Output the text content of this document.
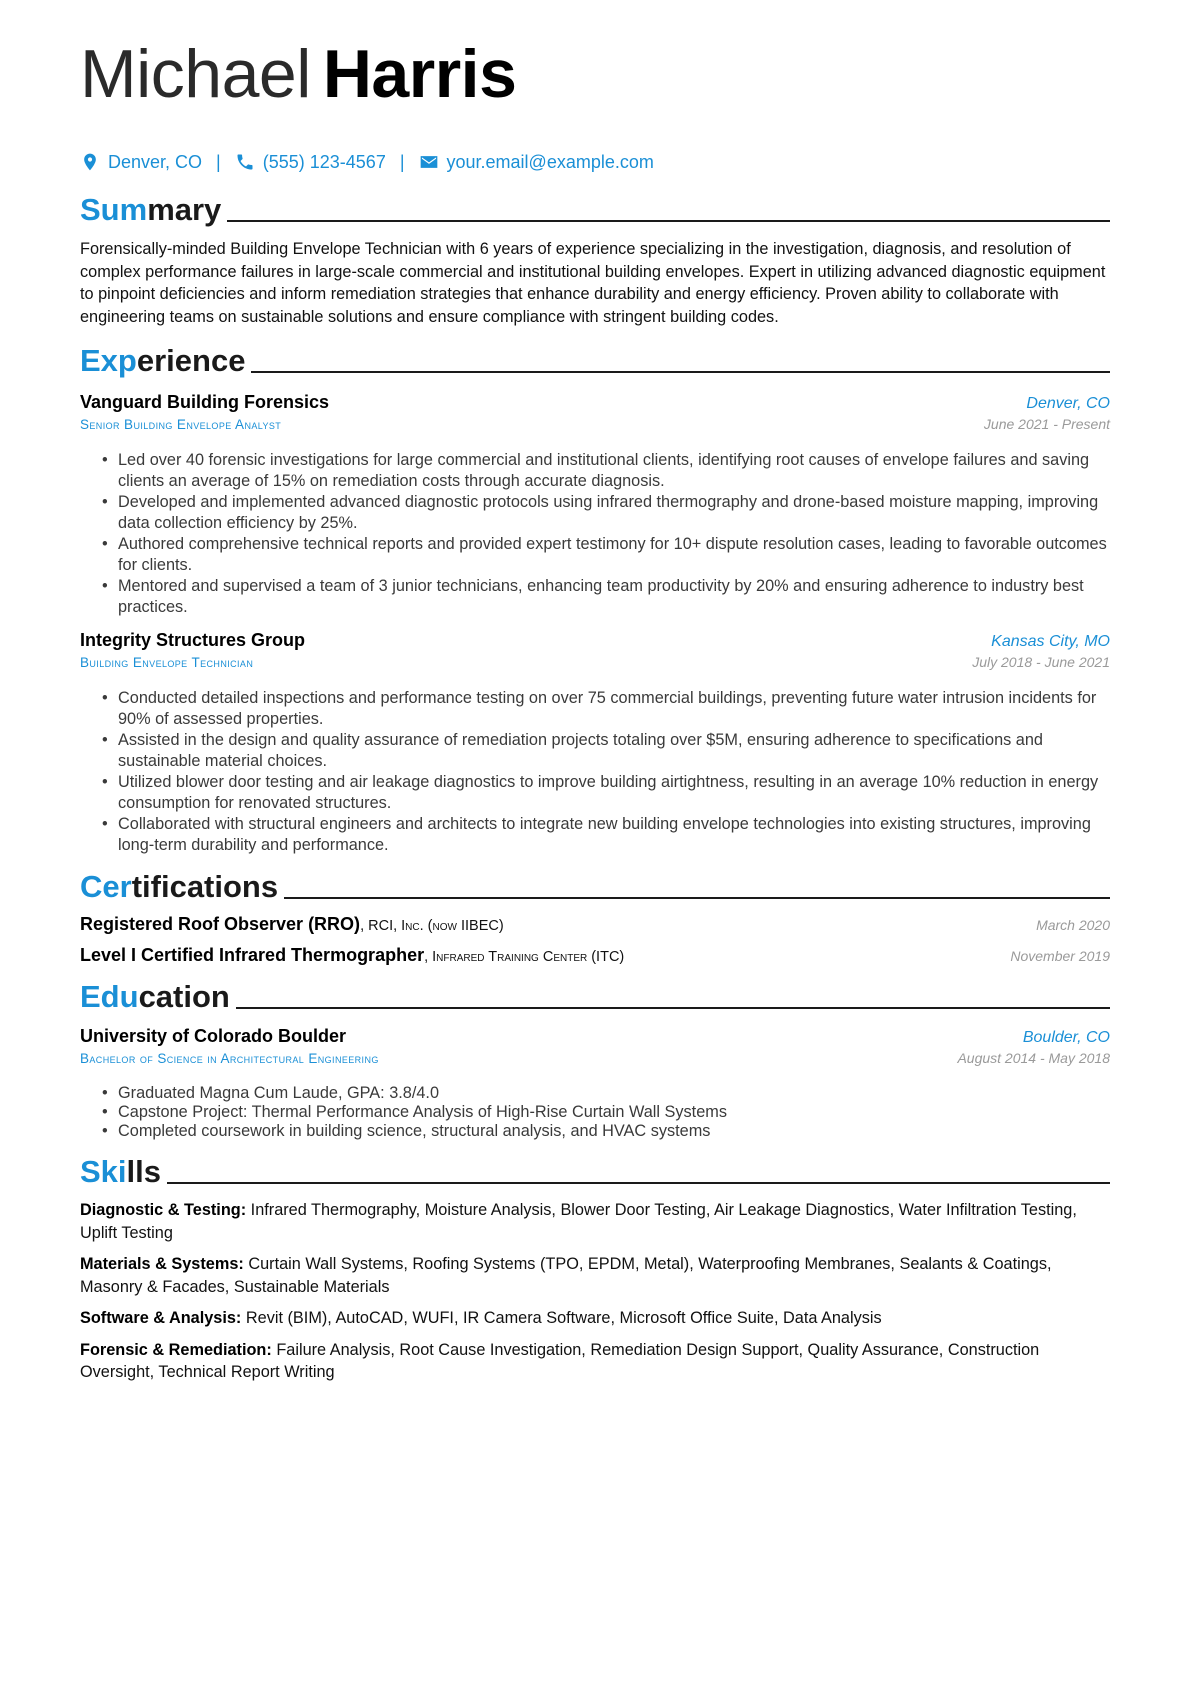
Michael Harris
Denver, CO | (555) 123-4567 | your.email@example.com
Summary
Forensically-minded Building Envelope Technician with 6 years of experience specializing in the investigation, diagnosis, and resolution of complex performance failures in large-scale commercial and institutional building envelopes. Expert in utilizing advanced diagnostic equipment to pinpoint deficiencies and inform remediation strategies that enhance durability and energy efficiency. Proven ability to collaborate with engineering teams on sustainable solutions and ensure compliance with stringent building codes.
Experience
Vanguard Building Forensics	Denver, CO
Senior Building Envelope Analyst	June 2021 - Present
• Led over 40 forensic investigations for large commercial and institutional clients, identifying root causes of envelope failures and saving clients an average of 15% on remediation costs through accurate diagnosis.
• Developed and implemented advanced diagnostic protocols using infrared thermography and drone-based moisture mapping, improving data collection efficiency by 25%.
• Authored comprehensive technical reports and provided expert testimony for 10+ dispute resolution cases, leading to favorable outcomes for clients.
• Mentored and supervised a team of 3 junior technicians, enhancing team productivity by 20% and ensuring adherence to industry best practices.
Integrity Structures Group	Kansas City, MO
Building Envelope Technician	July 2018 - June 2021
• Conducted detailed inspections and performance testing on over 75 commercial buildings, preventing future water intrusion incidents for 90% of assessed properties.
• Assisted in the design and quality assurance of remediation projects totaling over $5M, ensuring adherence to specifications and sustainable material choices.
• Utilized blower door testing and air leakage diagnostics to improve building airtightness, resulting in an average 10% reduction in energy consumption for renovated structures.
• Collaborated with structural engineers and architects to integrate new building envelope technologies into existing structures, improving long-term durability and performance.
Certifications
Registered Roof Observer (RRO), RCI, Inc. (now IIBEC)	March 2020
Level I Certified Infrared Thermographer, Infrared Training Center (ITC)	November 2019
Education
University of Colorado Boulder	Boulder, CO
Bachelor of Science in Architectural Engineering	August 2014 - May 2018
• Graduated Magna Cum Laude, GPA: 3.8/4.0
• Capstone Project: Thermal Performance Analysis of High-Rise Curtain Wall Systems
• Completed coursework in building science, structural analysis, and HVAC systems
Skills
Diagnostic & Testing: Infrared Thermography, Moisture Analysis, Blower Door Testing, Air Leakage Diagnostics, Water Infiltration Testing, Uplift Testing
Materials & Systems: Curtain Wall Systems, Roofing Systems (TPO, EPDM, Metal), Waterproofing Membranes, Sealants & Coatings, Masonry & Facades, Sustainable Materials
Software & Analysis: Revit (BIM), AutoCAD, WUFI, IR Camera Software, Microsoft Office Suite, Data Analysis
Forensic & Remediation: Failure Analysis, Root Cause Investigation, Remediation Design Support, Quality Assurance, Construction Oversight, Technical Report Writing
